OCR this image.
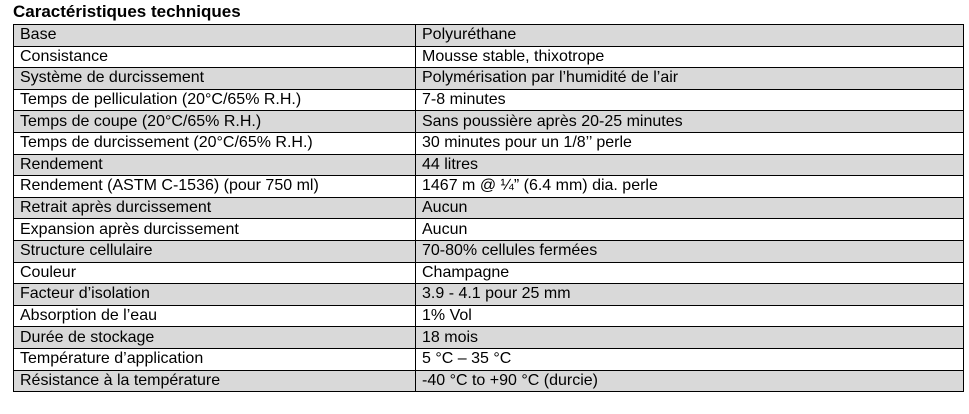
Caractéristiques techniques
Base	Polyuréthane
Consistance	Mousse stable, thixotrope
Système de durcissement	Polymérisation par l’humidité de l’air
Temps de pelliculation (20°C/65% R.H.)	7-8 minutes
Temps de coupe (20°C/65% R.H.)	Sans poussière après 20-25 minutes
Temps de durcissement (20°C/65% R.H.)	30 minutes pour un 1/8’’ perle
Rendement	44 litres
Rendement (ASTM C-1536) (pour 750 ml)	1467 m @ ¼” (6.4 mm) dia. perle
Retrait après durcissement	Aucun
Expansion après durcissement	Aucun
Structure cellulaire	70-80% cellules fermées
Couleur	Champagne
Facteur d’isolation	3.9 - 4.1 pour 25 mm
Absorption de l’eau	1% Vol
Durée de stockage	18 mois
Température d’application	5 °C – 35 °C
Résistance à la température	-40 °C to +90 °C (durcie)
